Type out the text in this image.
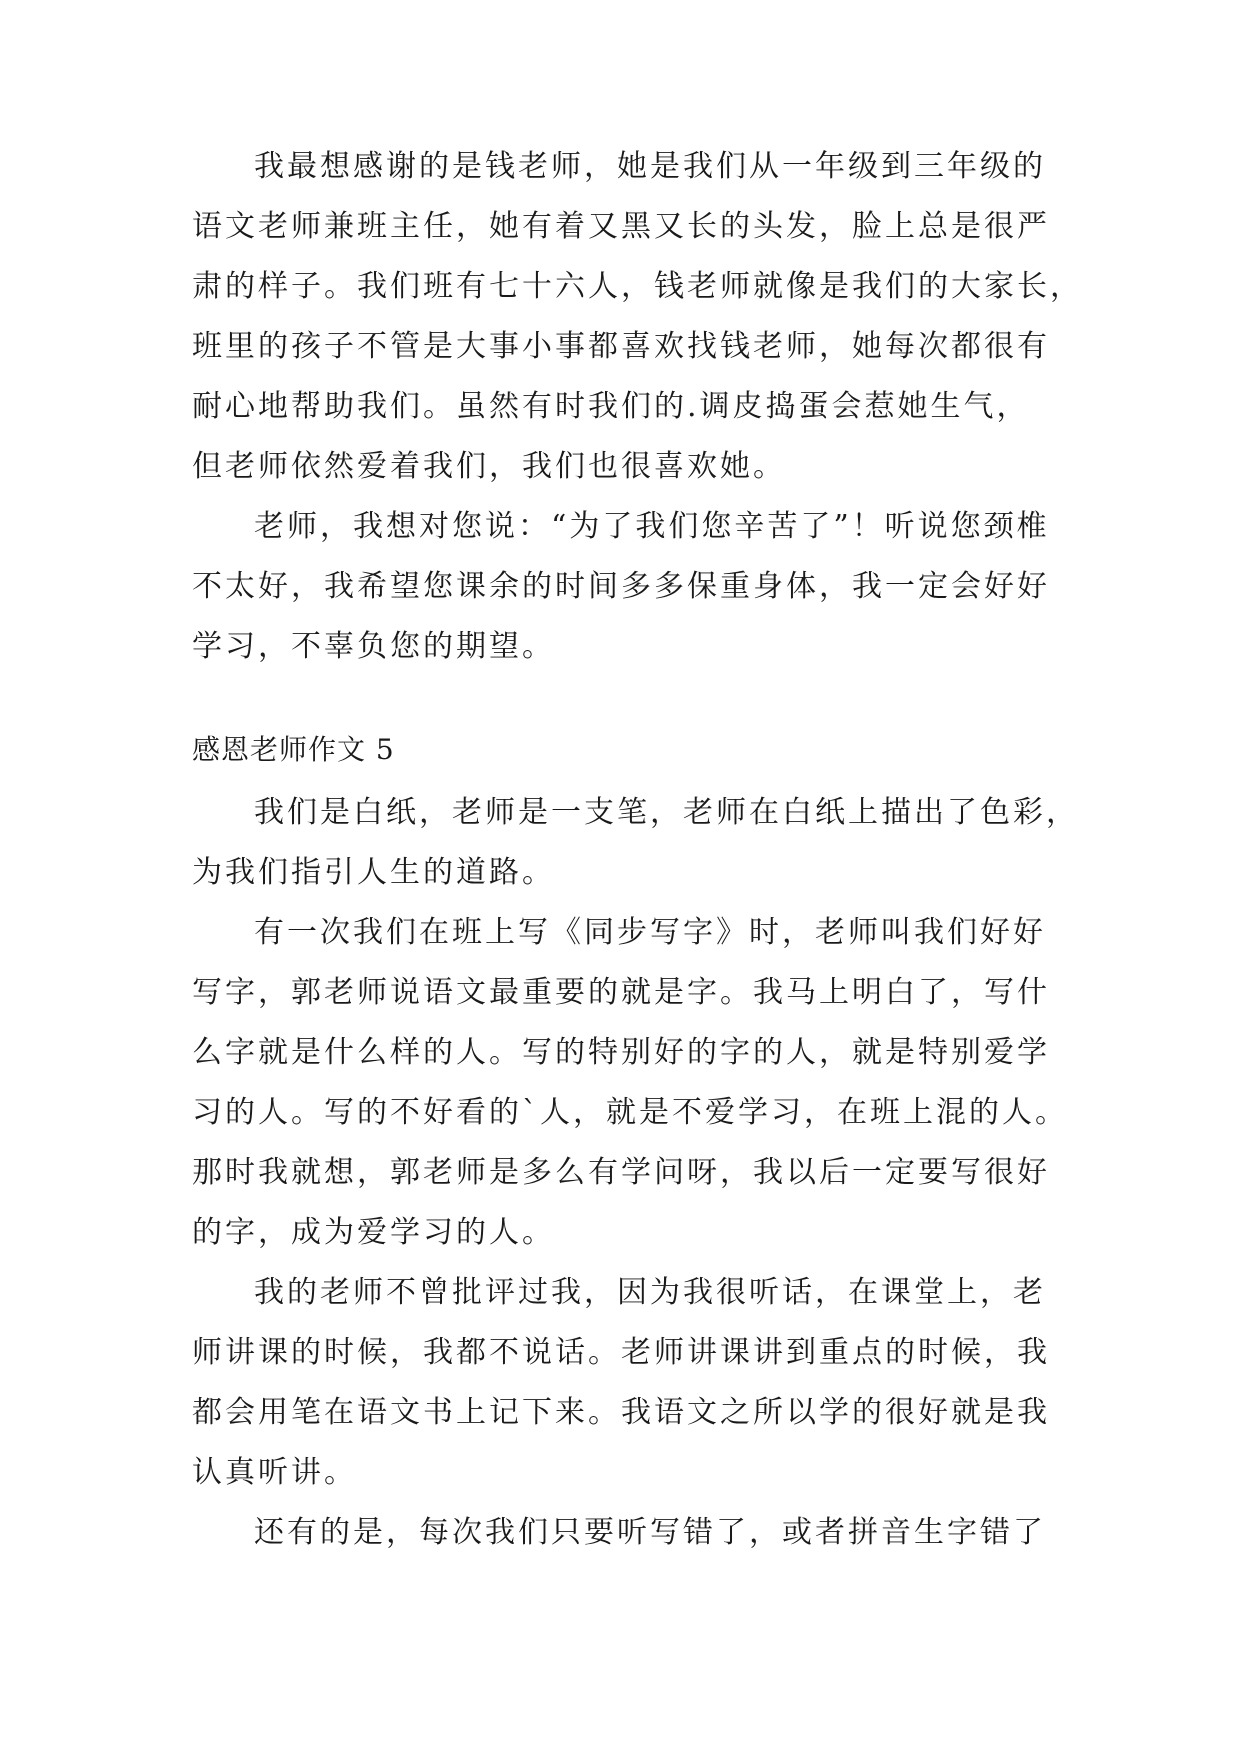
我最想感谢的是钱老师，她是我们从一年级到三年级的
语文老师兼班主任，她有着又黑又长的头发，脸上总是很严
肃的样子。我们班有七十六人，钱老师就像是我们的大家长，
班里的孩子不管是大事小事都喜欢找钱老师，她每次都很有
耐心地帮助我们。虽然有时我们的.调皮捣蛋会惹她生气，
但老师依然爱着我们，我们也很喜欢她。
老师，我想对您说：“为了我们您辛苦了”！听说您颈椎
不太好，我希望您课余的时间多多保重身体，我一定会好好
学习，不辜负您的期望。
感恩老师作文 5
我们是白纸，老师是一支笔，老师在白纸上描出了色彩，
为我们指引人生的道路。
有一次我们在班上写《同步写字》时，老师叫我们好好
写字，郭老师说语文最重要的就是字。我马上明白了，写什
么字就是什么样的人。写的特别好的字的人，就是特别爱学
习的人。写的不好看的`人，就是不爱学习，在班上混的人。
那时我就想，郭老师是多么有学问呀，我以后一定要写很好
的字，成为爱学习的人。
我的老师不曾批评过我，因为我很听话，在课堂上，老
师讲课的时候，我都不说话。老师讲课讲到重点的时候，我
都会用笔在语文书上记下来。我语文之所以学的很好就是我
认真听讲。
还有的是，每次我们只要听写错了，或者拼音生字错了
